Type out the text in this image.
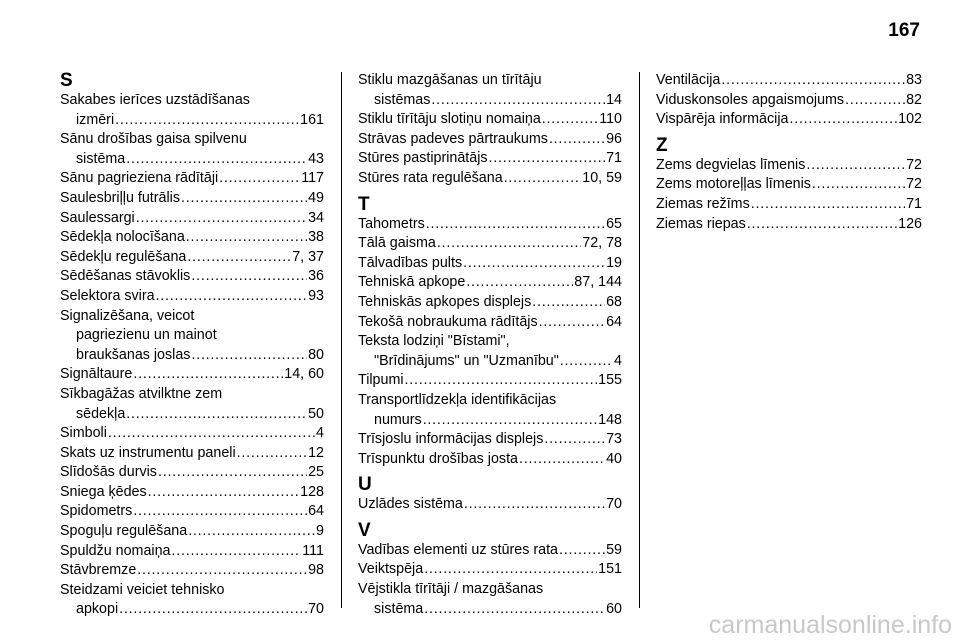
167
S
Sakabes ierīces uzstādīšanas
izmēri . . .	161
Sānu drošības gaisa spilvenu
sistēma . . .	43
Sānu pagrieziena rādītāji . . .	117
Saulesbriļļu futrālis . . .	49
Saulessargi . . .	34
Sēdekļa nolocīšana . . .	38
Sēdekļu regulēšana . . .	7, 37
Sēdēšanas stāvoklis . . .	36
Selektora svira . . .	93
Signalizēšana, veicot
pagriezienu un mainot
braukšanas joslas . . .	80
Signāltaure . . .	14, 60
Sīkbagāžas atvilktne zem
sēdekļa . . .	50
Simboli . . .	4
Skats uz instrumentu paneli . . .	12
Slīdošās durvis . . .	25
Sniega ķēdes . . .	128
Spidometrs . . .	64
Spoguļu regulēšana . . .	9
Spuldžu nomaiņa . . .	111
Stāvbremze . . .	98
Steidzami veiciet tehnisko
apkopi . . .	70
Stiklu mazgāšanas un tīrītāju
sistēmas . . .	14
Stiklu tīrītāju slotiņu nomaiņa . . .	110
Strāvas padeves pārtraukums . . .	96
Stūres pastiprinātājs . . .	71
Stūres rata regulēšana . . .	10, 59
T
Tahometrs . . .	65
Tālā gaisma . . .	72, 78
Tālvadības pults . . .	19
Tehniskā apkope . . .	87, 144
Tehniskās apkopes displejs . . .	68
Tekošā nobraukuma rādītājs . . .	64
Teksta lodziņi "Bīstami",
"Brīdinājums" un "Uzmanību" . . .	4
Tilpumi . . .	155
Transportlīdzekļa identifikācijas
numurs . . .	148
Trīsjoslu informācijas displejs . . .	73
Trīspunktu drošības josta . . .	40
U
Uzlādes sistēma . . .	70
V
Vadības elementi uz stūres rata . . .	59
Veiktspēja . . .	151
Vējstikla tīrītāji / mazgāšanas
sistēma . . .	60
Ventilācija . . .	83
Viduskonsoles apgaismojums . . .	82
Vispārēja informācija . . .	102
Z
Zems degvielas līmenis . . .	72
Zems motoreļļas līmenis . . .	72
Ziemas režīms . . .	71
Ziemas riepas . . .	126
carmanualsonline.info
